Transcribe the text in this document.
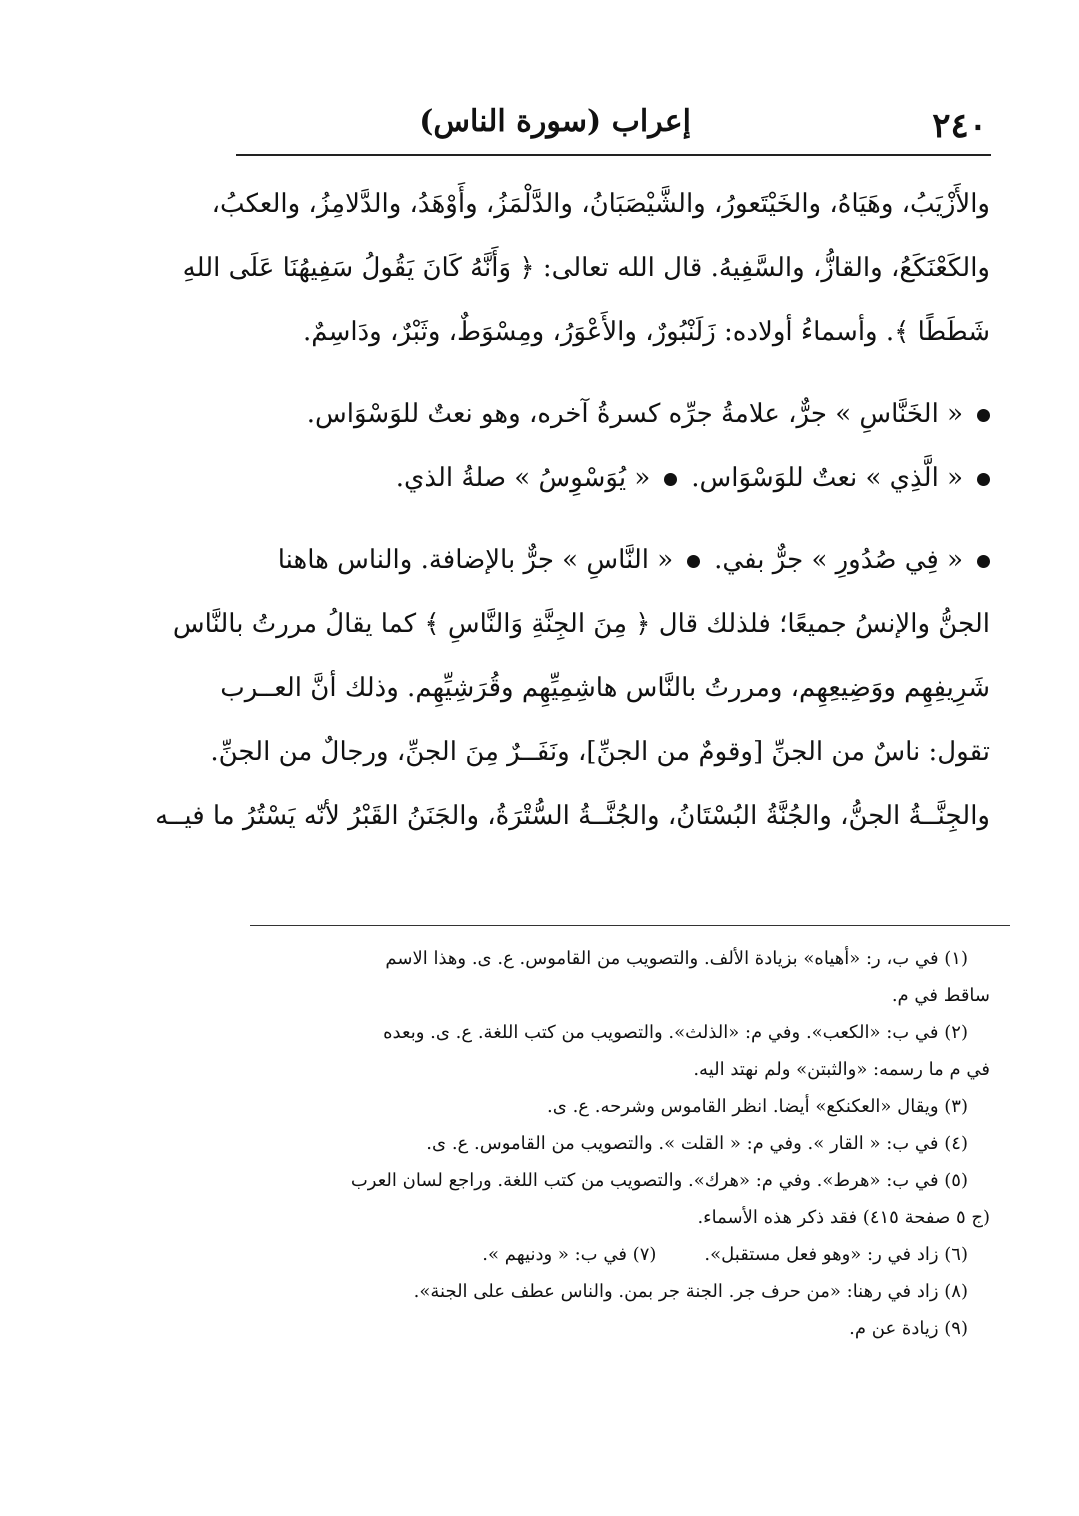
٢٤٠
إعراب (سورة الناس)
والأَزْيَبُ، وهَيَاهُ، والخَيْتَعورُ، والشَّيْصَبَانُ، والدَّلْمَزُ، وأَوْهَدُ، والدَّلامِزُ، والعكبُ،
والكَعْنَكَعُ، والقازُّ، والسَّفِيهُ. قال الله تعالى: ﴿ وَأَنَّهُ كَانَ يَقُولُ سَفِيهُنَا عَلَى اللهِ
شَطَطًا ﴾. وأسماءُ أولاده: زَلَنْبُورٌ، والأَعْوَرُ، ومِسْوَطٌ، وثَبْرٌ، ودَاسِمٌ.
« الخَنَّاسِ » جرٌّ، علامةُ جرِّه كسرةُ آخره، وهو نعتٌ للوَسْوَاس.
« الَّذِي » نعتٌ للوَسْوَاس.« يُوَسْوِسُ » صلةُ الذي.
« فِي صُدُورِ » جرٌّ بفي.« النَّاسِ » جرٌّ بالإضافة. والناس هاهنا
الجنُّ والإنسُ جميعًا؛ فلذلك قال ﴿ مِنَ الجِنَّةِ وَالنَّاسِ ﴾ كما يقالُ مررتُ بالنَّاس
شَرِيفِهِم ووَضِيعِهِم، ومررتُ بالنَّاس هاشِمِيِّهِم وقُرَشِيِّهِم. وذلك أنَّ العــرب
تقول: ناسٌ من الجنِّ [وقومٌ من الجنِّ]، ونَفَــرٌ مِنَ الجنِّ، ورجالٌ من الجنِّ.
والجِنَّــةُ الجنُّ، والجُنَّةُ البُسْتَانُ، والجُنَّــةُ السُّتْرَةُ، والجَنَنُ القَبْرُ لأنّه يَسْتُرُ ما فيــه
(١) في ب، ر: «أهياه» بزيادة الألف. والتصويب من القاموس. ع. ى. وهذا الاسم
ساقط في م.
(٢) في ب: «الكعب». وفي م: «الذلث». والتصويب من كتب اللغة. ع. ى. وبعده
في م ما رسمه: «والثبتن» ولم نهتد اليه.
(٣) ويقال «العكنكع» أيضا. انظر القاموس وشرحه. ع. ى.
(٤) في ب: « القار ». وفي م: « القلت ». والتصويب من القاموس. ع. ى.
(٥) في ب: «هرط». وفي م: «هرك». والتصويب من كتب اللغة. وراجع لسان العرب
(ج ٥ صفحة ٤١٥) فقد ذكر هذه الأسماء.
(٦) زاد في ر: «وهو فعل مستقبل».(٧) في ب: « ودنيهم ».
(٨) زاد في رهنا: «من حرف جر. الجنة جر بمن. والناس عطف على الجنة».
(٩) زيادة عن م.
